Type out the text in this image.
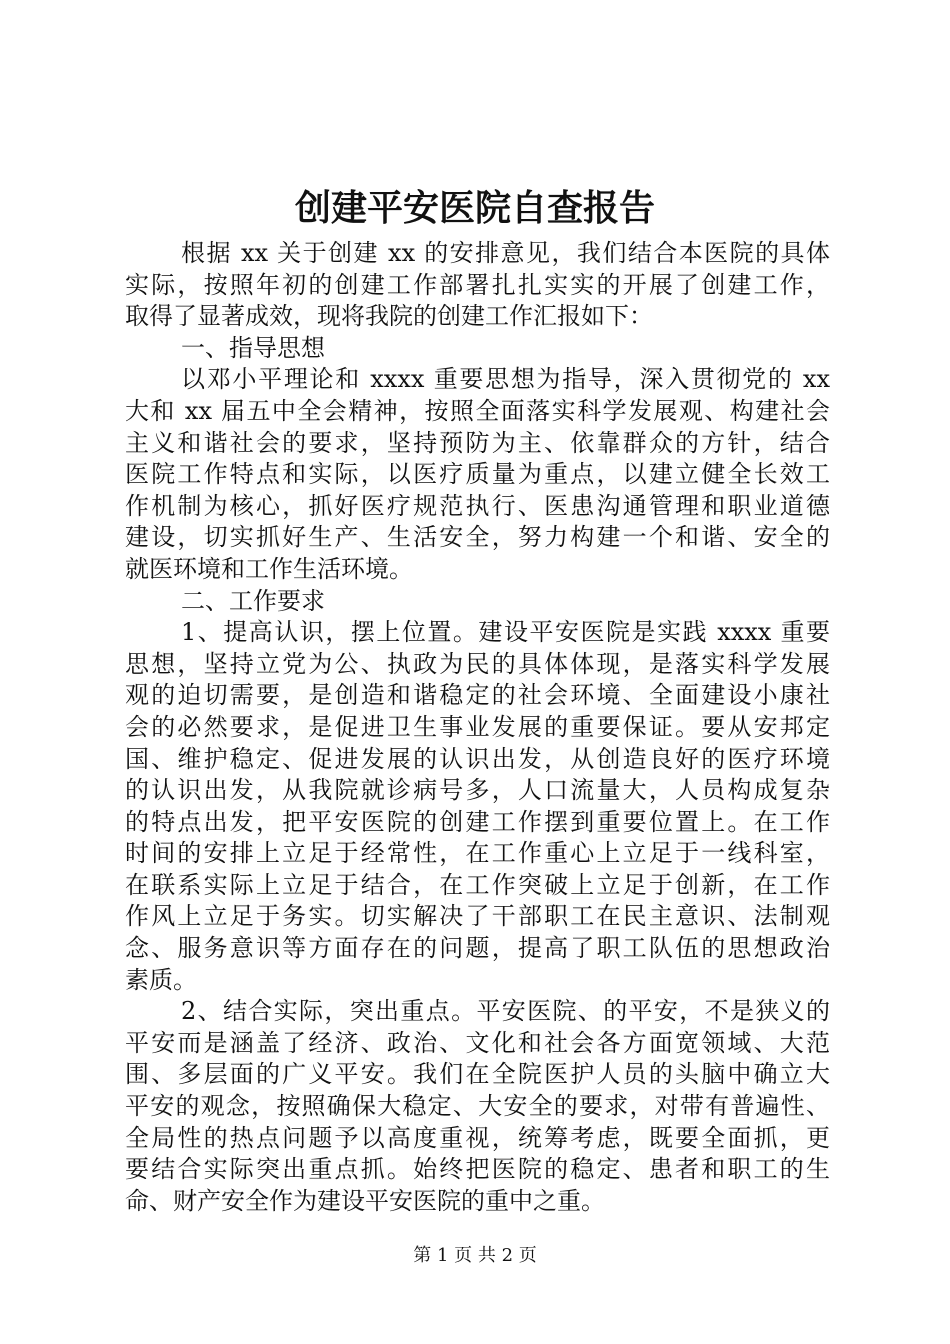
创建平安医院自查报告
根据 xx 关于创建 xx 的安排意见，我们结合本医院的具体
实际，按照年初的创建工作部署扎扎实实的开展了创建工作，
取得了显著成效，现将我院的创建工作汇报如下：
一、指导思想
以邓小平理论和 xxxx 重要思想为指导，深入贯彻党的 xx
大和 xx 届五中全会精神，按照全面落实科学发展观、构建社会
主义和谐社会的要求，坚持预防为主、依靠群众的方针，结合
医院工作特点和实际，以医疗质量为重点，以建立健全长效工
作机制为核心，抓好医疗规范执行、医患沟通管理和职业道德
建设，切实抓好生产、生活安全，努力构建一个和谐、安全的
就医环境和工作生活环境。
二、工作要求
1、提高认识，摆上位置。建设平安医院是实践 xxxx 重要
思想，坚持立党为公、执政为民的具体体现，是落实科学发展
观的迫切需要，是创造和谐稳定的社会环境、全面建设小康社
会的必然要求，是促进卫生事业发展的重要保证。要从安邦定
国、维护稳定、促进发展的认识出发，从创造良好的医疗环境
的认识出发，从我院就诊病号多，人口流量大，人员构成复杂
的特点出发，把平安医院的创建工作摆到重要位置上。在工作
时间的安排上立足于经常性，在工作重心上立足于一线科室，
在联系实际上立足于结合，在工作突破上立足于创新，在工作
作风上立足于务实。切实解决了干部职工在民主意识、法制观
念、服务意识等方面存在的问题，提高了职工队伍的思想政治
素质。
2、结合实际，突出重点。平安医院、的平安，不是狭义的
平安而是涵盖了经济、政治、文化和社会各方面宽领域、大范
围、多层面的广义平安。我们在全院医护人员的头脑中确立大
平安的观念，按照确保大稳定、大安全的要求，对带有普遍性、
全局性的热点问题予以高度重视，统筹考虑，既要全面抓，更
要结合实际突出重点抓。始终把医院的稳定、患者和职工的生
命、财产安全作为建设平安医院的重中之重。
第 1 页 共 2 页
